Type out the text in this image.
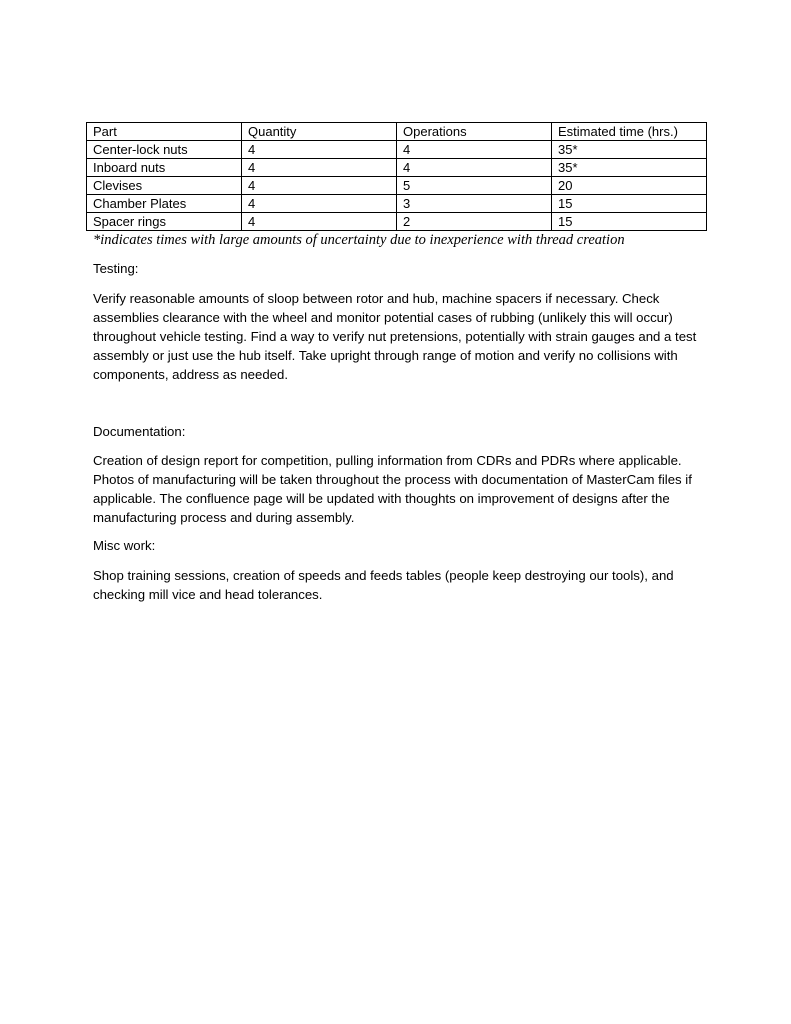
Part	Quantity	Operations	Estimated time (hrs.)
Center-lock nuts	4	4	35*
Inboard nuts	4	4	35*
Clevises	4	5	20
Chamber Plates	4	3	15
Spacer rings	4	2	15
*indicates times with large amounts of uncertainty due to inexperience with thread creation
Testing:
Verify reasonable amounts of sloop between rotor and hub, machine spacers if necessary. Check assemblies clearance with the wheel and monitor potential cases of rubbing (unlikely this will occur) throughout vehicle testing. Find a way to verify nut pretensions, potentially with strain gauges and a test assembly or just use the hub itself. Take upright through range of motion and verify no collisions with components, address as needed.
Documentation:
Creation of design report for competition, pulling information from CDRs and PDRs where applicable. Photos of manufacturing will be taken throughout the process with documentation of MasterCam files if applicable. The confluence page will be updated with thoughts on improvement of designs after the manufacturing process and during assembly.
Misc work:
Shop training sessions, creation of speeds and feeds tables (people keep destroying our tools), and checking mill vice and head tolerances.
